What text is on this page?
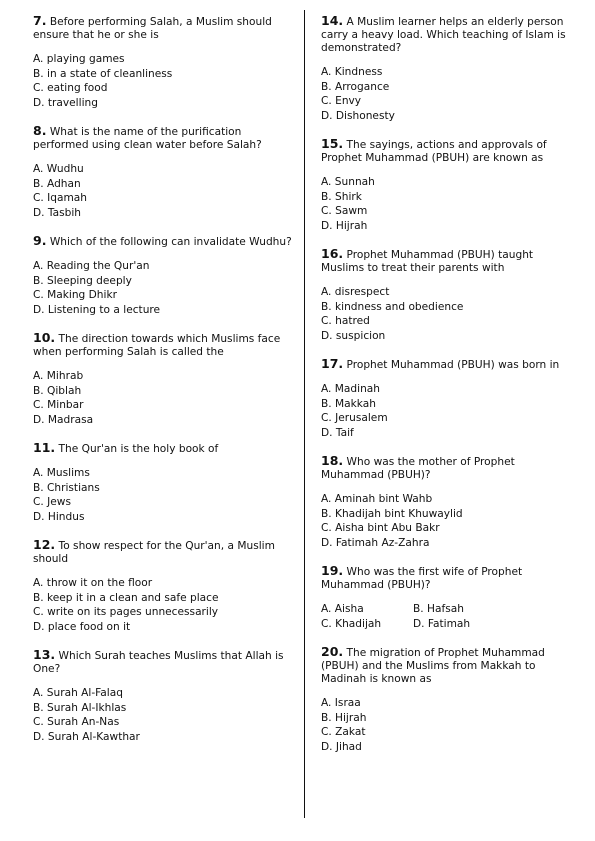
7. Before performing Salah, a Muslim should ensure that he or she is

A. playing games
B. in a state of cleanliness
C. eating food
D. travelling

8. What is the name of the purification performed using clean water before Salah?

A. Wudhu
B. Adhan
C. Iqamah
D. Tasbih

9. Which of the following can invalidate Wudhu?

A. Reading the Qur'an
B. Sleeping deeply
C. Making Dhikr
D. Listening to a lecture

10. The direction towards which Muslims face when performing Salah is called the

A. Mihrab
B. Qiblah
C. Minbar
D. Madrasa

11. The Qur'an is the holy book of

A. Muslims
B. Christians
C. Jews
D. Hindus

12. To show respect for the Qur'an, a Muslim should

A. throw it on the floor
B. keep it in a clean and safe place
C. write on its pages unnecessarily
D. place food on it

13. Which Surah teaches Muslims that Allah is One?

A. Surah Al-Falaq
B. Surah Al-Ikhlas
C. Surah An-Nas
D. Surah Al-Kawthar

14. A Muslim learner helps an elderly person carry a heavy load. Which teaching of Islam is demonstrated?

A. Kindness
B. Arrogance
C. Envy
D. Dishonesty

15. The sayings, actions and approvals of Prophet Muhammad (PBUH) are known as

A. Sunnah
B. Shirk
C. Sawm
D. Hijrah

16. Prophet Muhammad (PBUH) taught Muslims to treat their parents with

A. disrespect
B. kindness and obedience
C. hatred
D. suspicion

17. Prophet Muhammad (PBUH) was born in

A. Madinah
B. Makkah
C. Jerusalem
D. Taif

18. Who was the mother of Prophet Muhammad (PBUH)?

A. Aminah bint Wahb
B. Khadijah bint Khuwaylid
C. Aisha bint Abu Bakr
D. Fatimah Az-Zahra

19. Who was the first wife of Prophet Muhammad (PBUH)?

A. Aisha	B. Hafsah
C. Khadijah	D. Fatimah

20. The migration of Prophet Muhammad (PBUH) and the Muslims from Makkah to Madinah is known as

A. Israa
B. Hijrah
C. Zakat
D. Jihad
